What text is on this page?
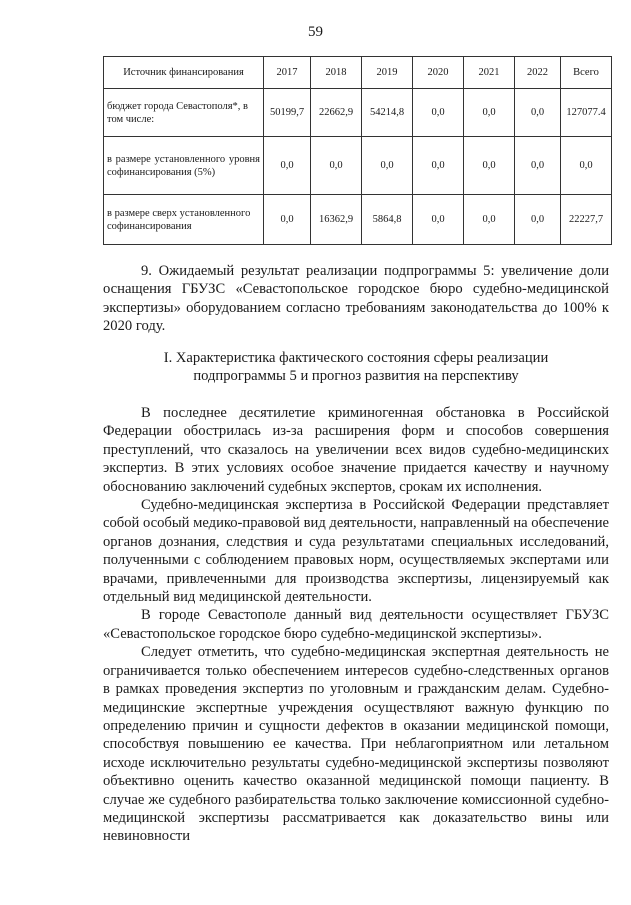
59
Источник финансирования	2017	2018	2019	2020	2021	2022	Всего
бюджет города Севастополя*, в том числе:	50199,7	22662,9	54214,8	0,0	0,0	0,0	127077.4
в размере установленного уровня софинансирования (5%)	0,0	0,0	0,0	0,0	0,0	0,0	0,0
в размере сверх установленного софинансирования	0,0	16362,9	5864,8	0,0	0,0	0,0	22227,7

9. Ожидаемый результат реализации подпрограммы 5: увеличение доли оснащения ГБУЗС «Севастопольское городское бюро судебно-медицинской экспертизы» оборудованием согласно требованиям законодательства до 100% к 2020 году.

I. Характеристика фактического состояния сферы реализации
подпрограммы 5 и прогноз развития на перспективу

В последнее десятилетие криминогенная обстановка в Российской Федерации обострилась из-за расширения форм и способов совершения преступлений, что сказалось на увеличении всех видов судебно-медицинских экспертиз. В этих условиях особое значение придается качеству и научному обоснованию заключений судебных экспертов, срокам их исполнения.

Судебно-медицинская экспертиза в Российской Федерации представляет собой особый медико-правовой вид деятельности, направленный на обеспечение органов дознания, следствия и суда результатами специальных исследований, полученными с соблюдением правовых норм, осуществляемых экспертами или врачами, привлеченными для производства экспертизы, лицензируемый как отдельный вид медицинской деятельности.

В городе Севастополе данный вид деятельности осуществляет ГБУЗС «Севастопольское городское бюро судебно-медицинской экспертизы».

Следует отметить, что судебно-медицинская экспертная деятельность не ограничивается только обеспечением интересов судебно-следственных органов в рамках проведения экспертиз по уголовным и гражданским делам. Судебно-медицинские экспертные учреждения осуществляют важную функцию по определению причин и сущности дефектов в оказании медицинской помощи, способствуя повышению ее качества. При неблагоприятном или летальном исходе исключительно результаты судебно-медицинской экспертизы позволяют объективно оценить качество оказанной медицинской помощи пациенту. В случае же судебного разбирательства только заключение комиссионной судебно-медицинской экспертизы рассматривается как доказательство вины или невиновности
